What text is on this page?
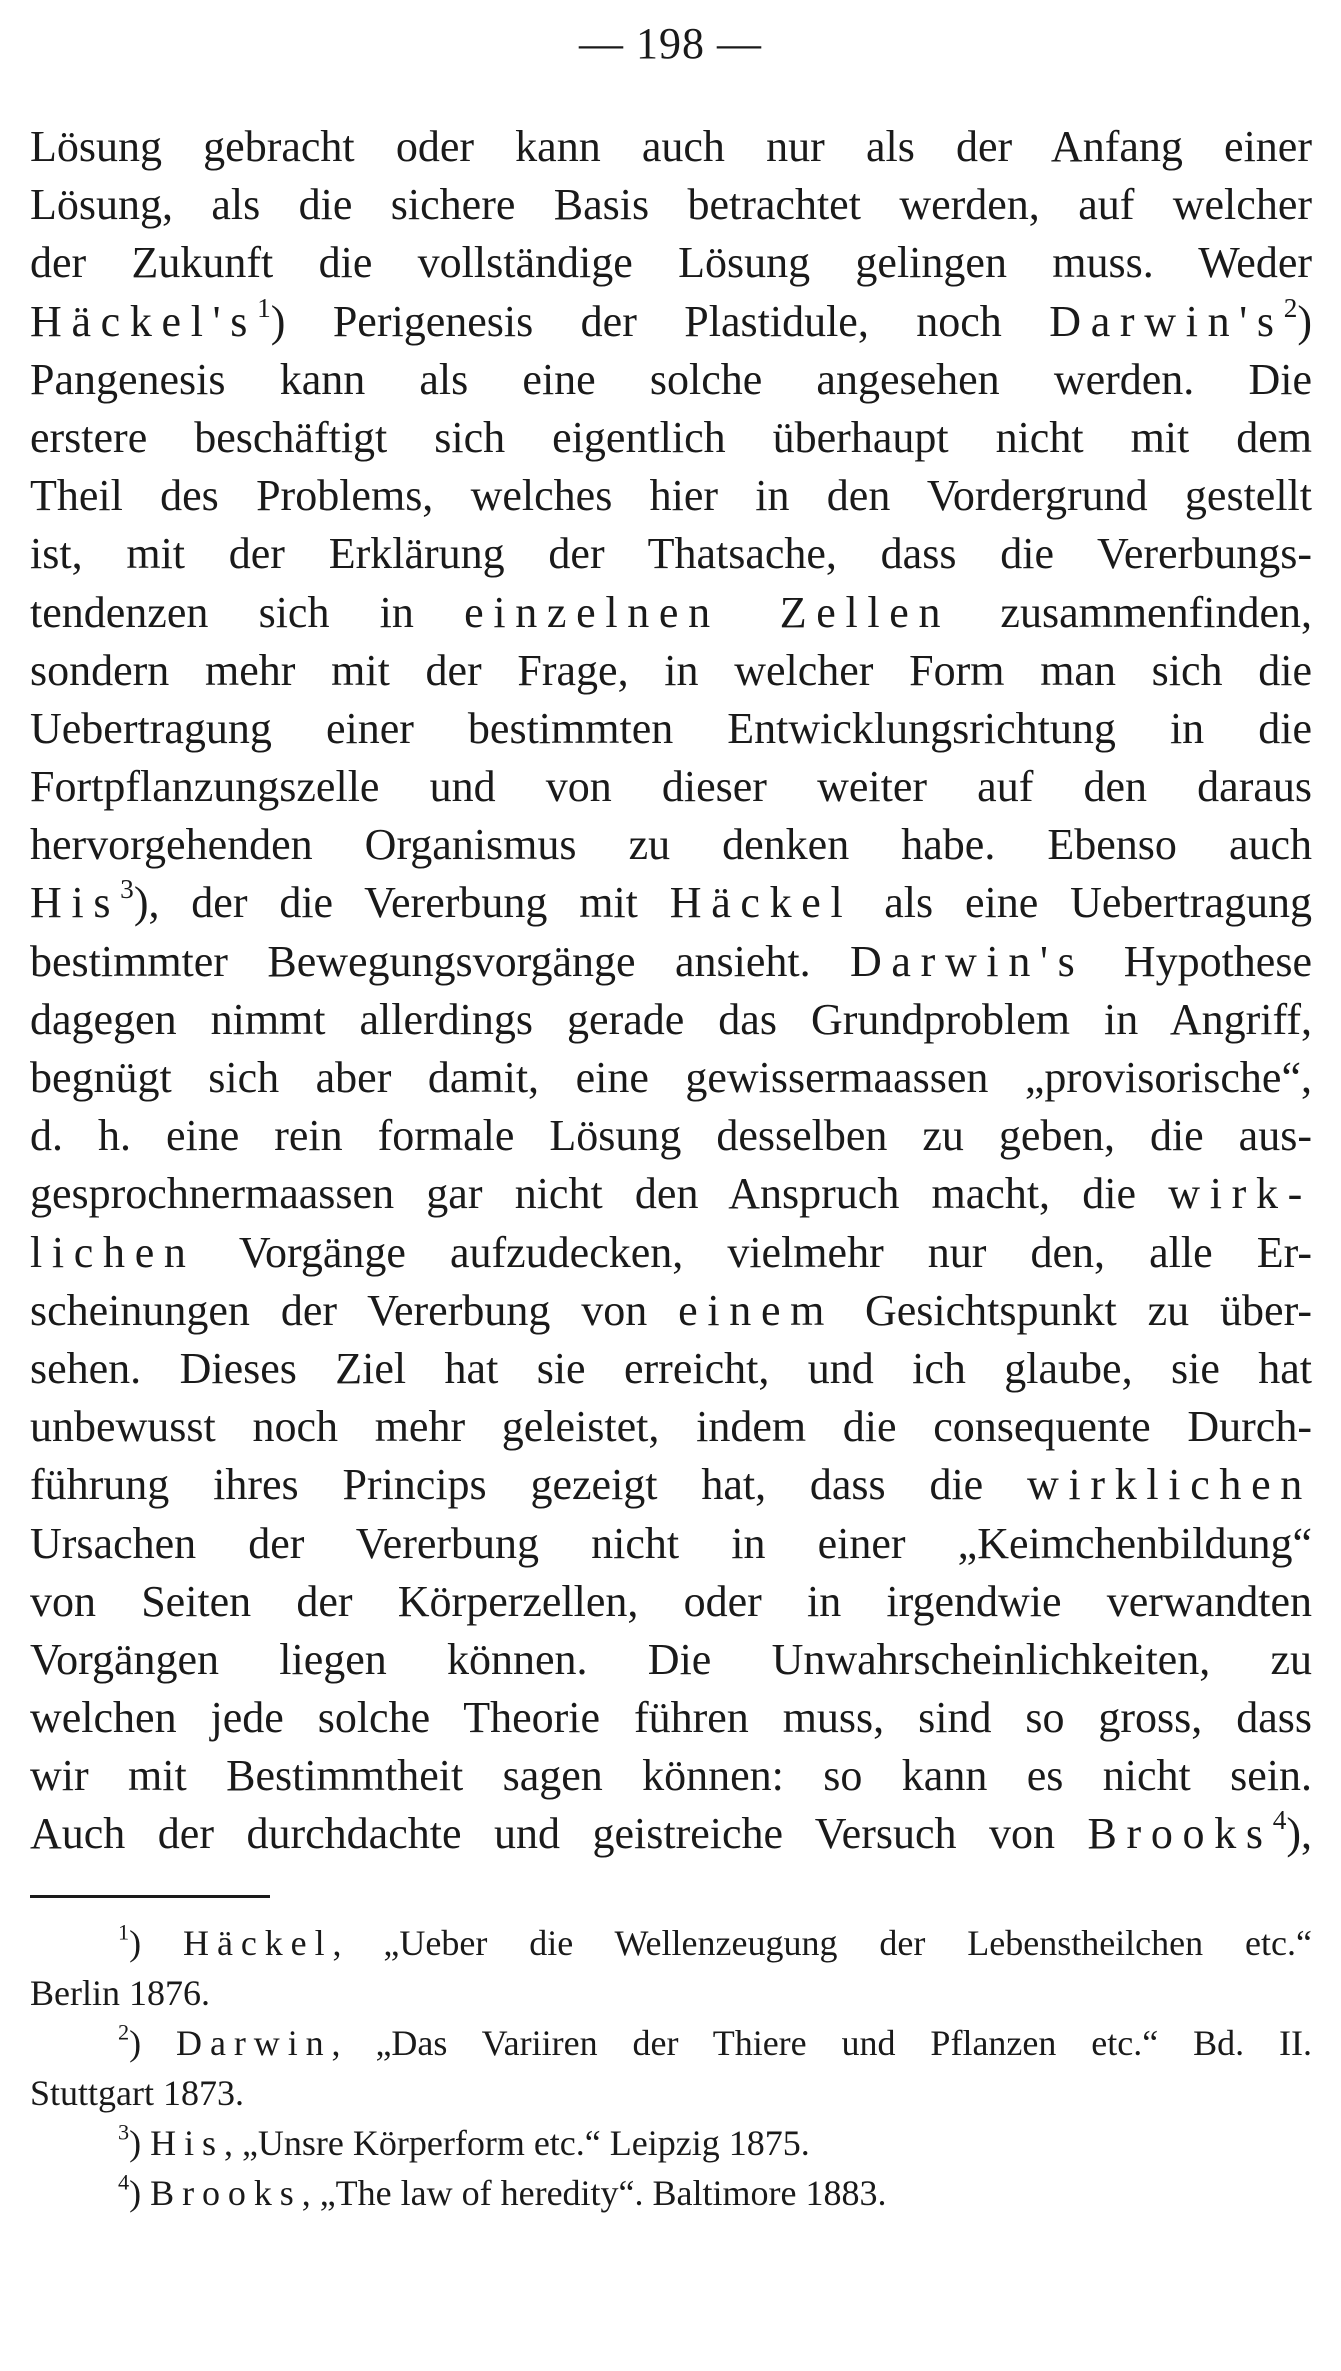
— 198 —
Lösung gebracht oder kann auch nur als der Anfang einer
Lösung, als die sichere Basis betrachtet werden, auf welcher
der Zukunft die vollständige Lösung gelingen muss. Weder
$Häckel's^1$) Perigenesis der Plastidule, noch $Darwin's^2$)
Pangenesis kann als eine solche angesehen werden. Die
erstere beschäftigt sich eigentlich überhaupt nicht mit dem
Theil des Problems, welches hier in den Vordergrund gestellt
ist, mit der Erklärung der Thatsache, dass die Vererbungs-
tendenzen sich in einzelnen Zellen zusammenfinden,
sondern mehr mit der Frage, in welcher Form man sich die
Uebertragung einer bestimmten Entwicklungsrichtung in die
Fortpflanzungszelle und von dieser weiter auf den daraus
hervorgehenden Organismus zu denken habe. Ebenso auch
His$^3$), der die Vererbung mit Häckel als eine Uebertragung
bestimmter Bewegungsvorgänge ansieht. Darwin's Hypothese
dagegen nimmt allerdings gerade das Grundproblem in Angriff,
begnügt sich aber damit, eine gewissermaassen „provisorische“,
d. h. eine rein formale Lösung desselben zu geben, die aus-
gesprochnermaassen gar nicht den Anspruch macht, die wirk-
lichen Vorgänge aufzudecken, vielmehr nur den, alle Er-
scheinungen der Vererbung von einem Gesichtspunkt zu über-
sehen. Dieses Ziel hat sie erreicht, und ich glaube, sie hat
unbewusst noch mehr geleistet, indem die consequente Durch-
führung ihres Princips gezeigt hat, dass die wirklichen
Ursachen der Vererbung nicht in einer „Keimchenbildung“
von Seiten der Körperzellen, oder in irgendwie verwandten
Vorgängen liegen können. Die Unwahrscheinlichkeiten, zu
welchen jede solche Theorie führen muss, sind so gross, dass
wir mit Bestimmtheit sagen können: so kann es nicht sein.
Auch der durchdachte und geistreiche Versuch von Brooks$^4$),
$^1$) Häckel, „Ueber die Wellenzeugung der Lebenstheilchen etc.“
Berlin 1876.
$^2$) Darwin, „Das Variiren der Thiere und Pflanzen etc.“ Bd. II.
Stuttgart 1873.
$^3$) His, „Unsre Körperform etc.“ Leipzig 1875.
$^4$) Brooks, „The law of heredity“. Baltimore 1883.
